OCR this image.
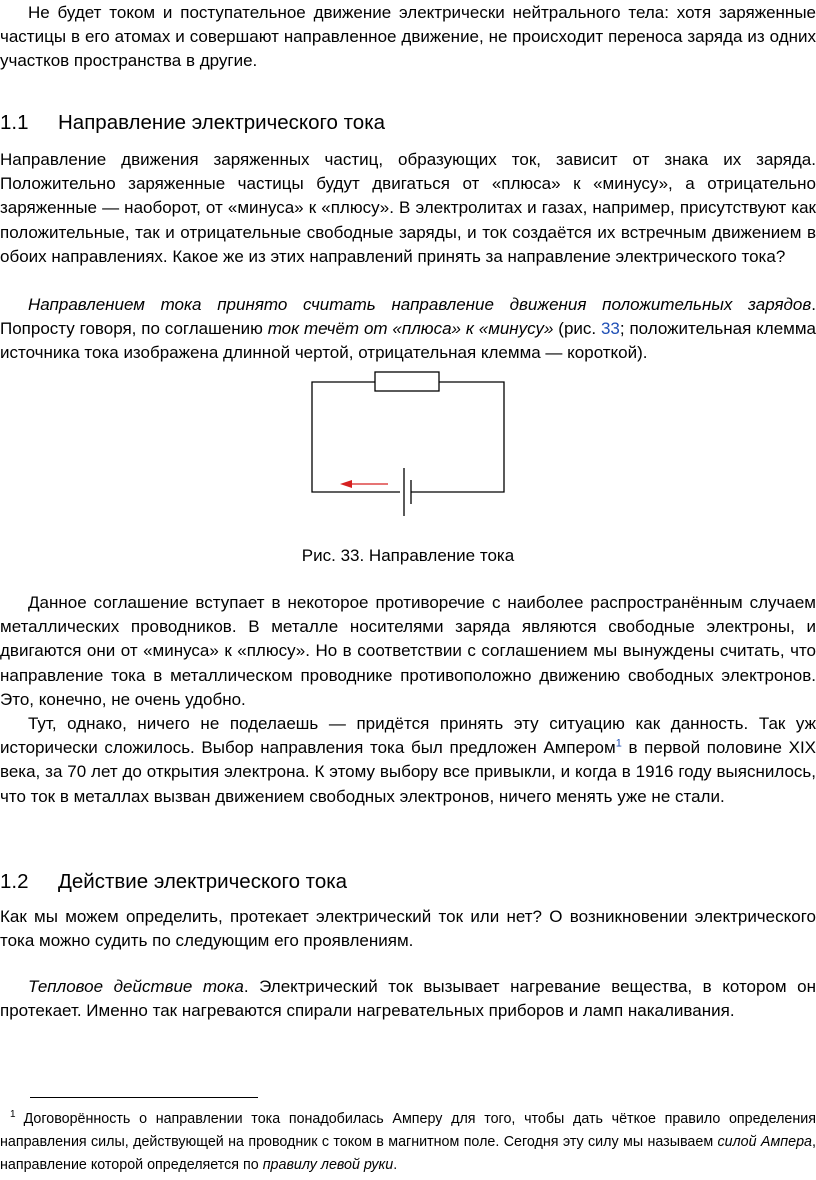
Не будет током и поступательное движение электрически нейтрального тела: хотя заряженные частицы в его атомах и совершают направленное движение, не происходит переноса заряда из одних участков пространства в другие.

1.1 Направление электрического тока

Направление движения заряженных частиц, образующих ток, зависит от знака их заряда. Положительно заряженные частицы будут двигаться от «плюса» к «минусу», а отрицательно заряженные — наоборот, от «минуса» к «плюсу». В электролитах и газах, например, присутствуют как положительные, так и отрицательные свободные заряды, и ток создаётся их встречным движением в обоих направлениях. Какое же из этих направлений принять за направление электрического тока?

Направлением тока принято считать направление движения положительных зарядов. Попросту говоря, по соглашению ток течёт от «плюса» к «минусу» (рис. 33; положительная клемма источника тока изображена длинной чертой, отрицательная клемма — короткой).

Рис. 33. Направление тока

Данное соглашение вступает в некоторое противоречие с наиболее распространённым случаем металлических проводников. В металле носителями заряда являются свободные электроны, и двигаются они от «минуса» к «плюсу». Но в соответствии с соглашением мы вынуждены считать, что направление тока в металлическом проводнике противоположно движению свободных электронов. Это, конечно, не очень удобно.

Тут, однако, ничего не поделаешь — придётся принять эту ситуацию как данность. Так уж исторически сложилось. Выбор направления тока был предложен Ампером$^1$ в первой половине XIX века, за 70 лет до открытия электрона. К этому выбору все привыкли, и когда в 1916 году выяснилось, что ток в металлах вызван движением свободных электронов, ничего менять уже не стали.

1.2 Действие электрического тока

Как мы можем определить, протекает электрический ток или нет? О возникновении электрического тока можно судить по следующим его проявлениям.

Тепловое действие тока. Электрический ток вызывает нагревание вещества, в котором он протекает. Именно так нагреваются спирали нагревательных приборов и ламп накаливания.

$^1$ Договорённость о направлении тока понадобилась Амперу для того, чтобы дать чёткое правило определения направления силы, действующей на проводник с током в магнитном поле. Сегодня эту силу мы называем силой Ампера, направление которой определяется по правилу левой руки.
